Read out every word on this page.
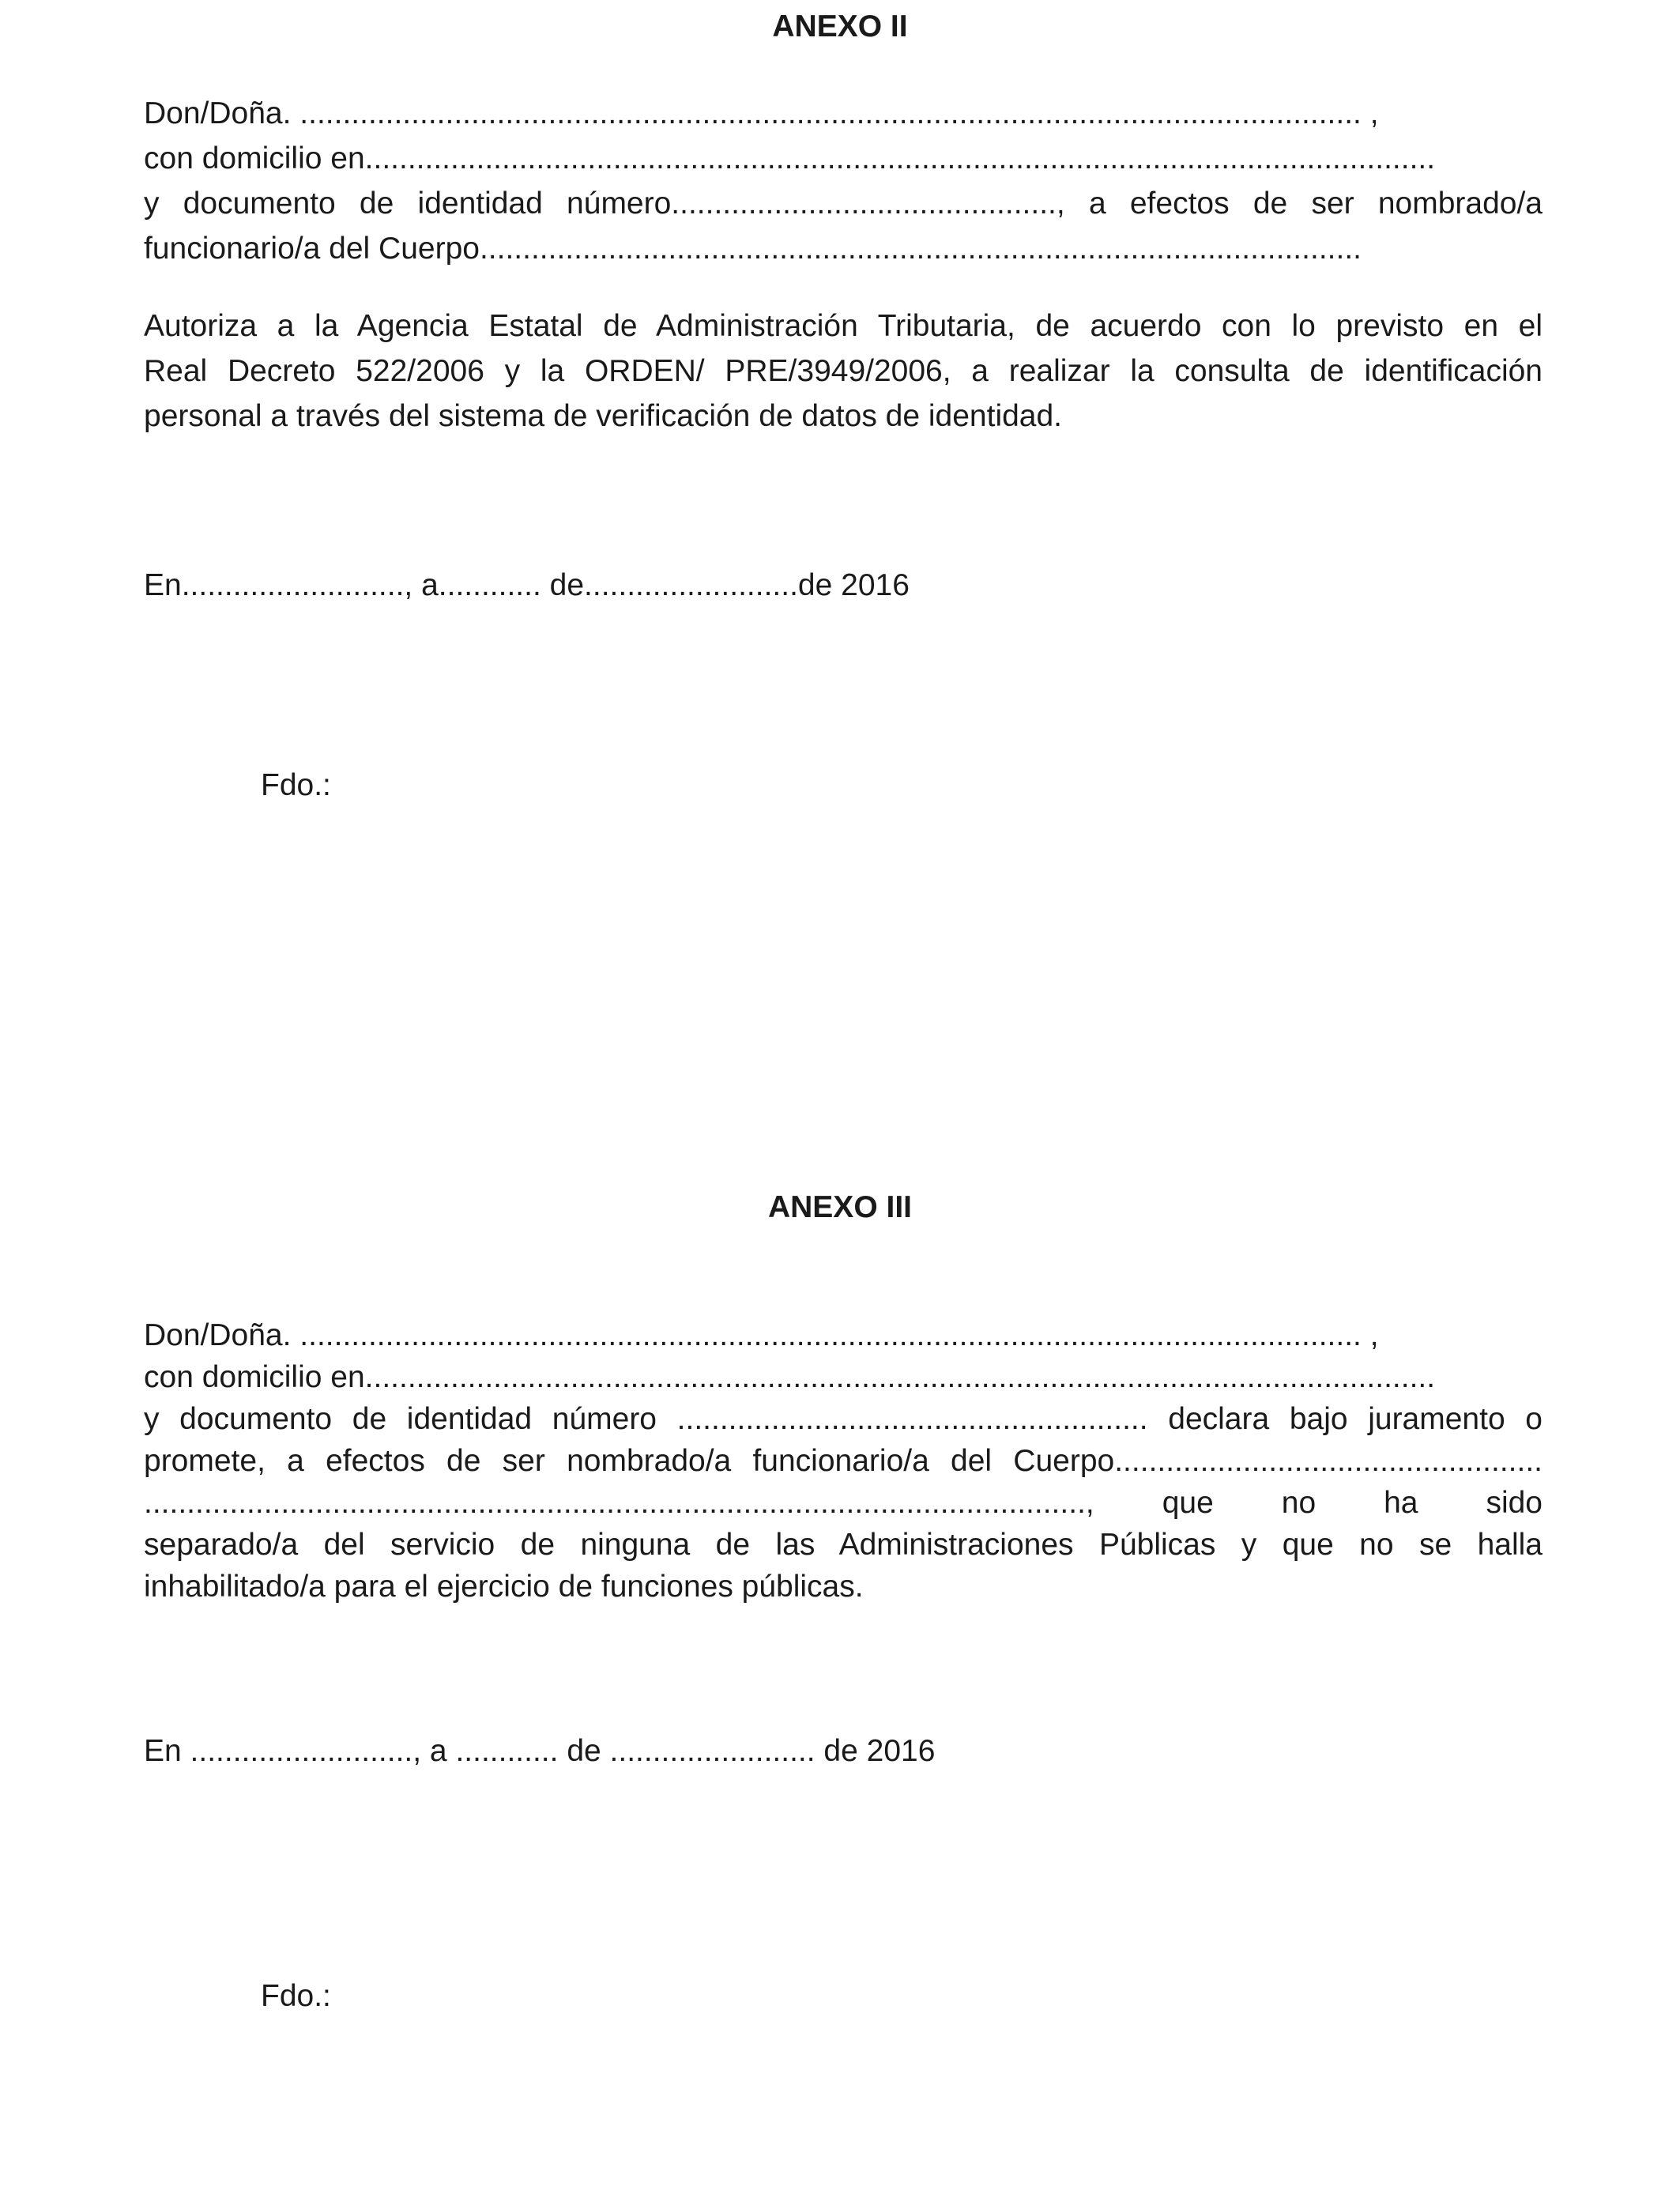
ANEXO II
Don/Doña. ............................................................................................................................ ,
con domicilio en.............................................................................................................................
y documento de identidad número............................................., a efectos de ser nombrado/a
funcionario/a del Cuerpo.......................................................................................................
Autoriza a la Agencia Estatal de Administración Tributaria, de acuerdo con lo previsto en el
Real Decreto 522/2006 y la ORDEN/ PRE/3949/2006, a realizar la consulta de identificación
personal a través del sistema de verificación de datos de identidad.
En.........................., a............ de.........................de 2016
Fdo.:
ANEXO III
Don/Doña. ............................................................................................................................ ,
con domicilio en.............................................................................................................................
y documento de identidad número ....................................................... declara bajo juramento o
promete, a efectos de ser nombrado/a funcionario/a del Cuerpo..................................................
.............................................................................................................., que no ha sido
separado/a del servicio de ninguna de las Administraciones Públicas y que no se halla
inhabilitado/a para el ejercicio de funciones públicas.
En .........................., a ............ de ........................ de 2016
Fdo.:
